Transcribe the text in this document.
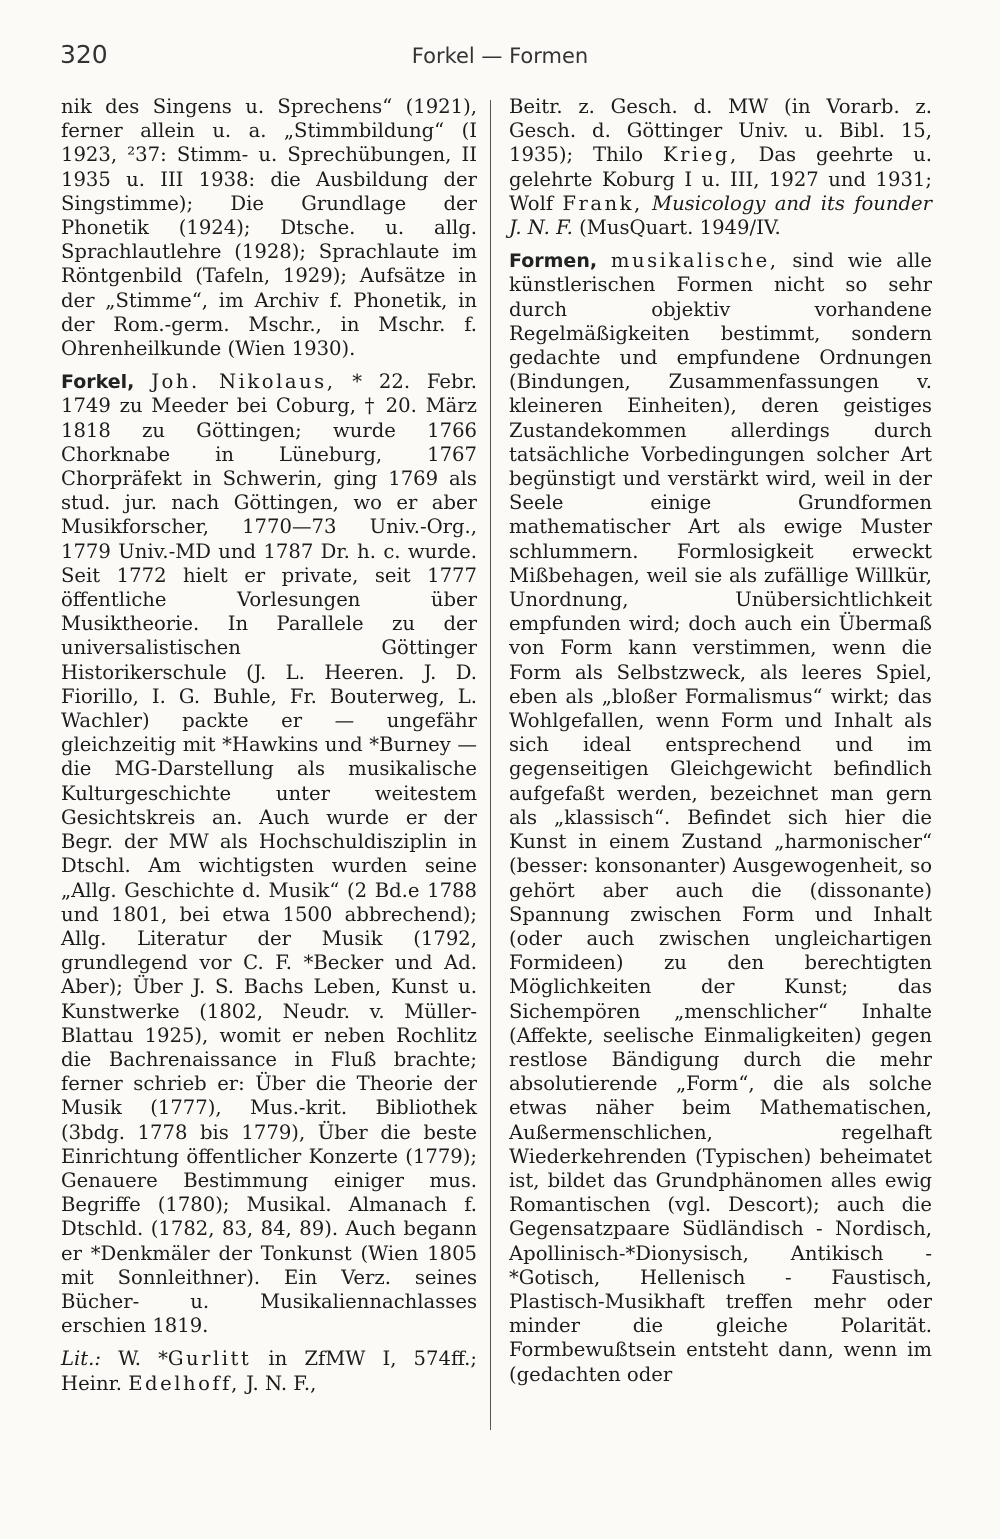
320	Forkel — Formen

nik des Singens u. Sprechens“ (1921), ferner allein u. a. „Stimmbildung“ (I 1923, ²37: Stimm- u. Sprechübungen, II 1935 u. III 1938: die Ausbildung der Singstimme); Die Grundlage der Phonetik (1924); Dtsche. u. allg. Sprachlautlehre (1928); Sprachlaute im Röntgenbild (Tafeln, 1929); Aufsätze in der „Stimme“, im Archiv f. Phonetik, in der Rom.-germ. Mschr., in Mschr. f. Ohrenheilkunde (Wien 1930).

Forkel, Joh. Nikolaus, * 22. Febr. 1749 zu Meeder bei Coburg, † 20. März 1818 zu Göttingen; wurde 1766 Chorknabe in Lüneburg, 1767 Chorpräfekt in Schwerin, ging 1769 als stud. jur. nach Göttingen, wo er aber Musikforscher, 1770—73 Univ.-Org., 1779 Univ.-MD und 1787 Dr. h. c. wurde. Seit 1772 hielt er private, seit 1777 öffentliche Vorlesungen über Musiktheorie. In Parallele zu der universalistischen Göttinger Historikerschule (J. L. Heeren. J. D. Fiorillo, I. G. Buhle, Fr. Bouterweg, L. Wachler) packte er — ungefähr gleichzeitig mit *Hawkins und *Burney — die MG-Darstellung als musikalische Kulturgeschichte unter weitestem Gesichtskreis an. Auch wurde er der Begr. der MW als Hochschuldisziplin in Dtschl. Am wichtigsten wurden seine „Allg. Geschichte d. Musik“ (2 Bd.e 1788 und 1801, bei etwa 1500 abbrechend); Allg. Literatur der Musik (1792, grundlegend vor C. F. *Becker und Ad. Aber); Über J. S. Bachs Leben, Kunst u. Kunstwerke (1802, Neudr. v. Müller-Blattau 1925), womit er neben Rochlitz die Bachrenaissance in Fluß brachte; ferner schrieb er: Über die Theorie der Musik (1777), Mus.-krit. Bibliothek (3bdg. 1778 bis 1779), Über die beste Einrichtung öffentlicher Konzerte (1779); Genauere Bestimmung einiger mus. Begriffe (1780); Musikal. Almanach f. Dtschld. (1782, 83, 84, 89). Auch begann er *Denkmäler der Tonkunst (Wien 1805 mit Sonnleithner). Ein Verz. seines Bücher- u. Musikaliennachlasses erschien 1819.

Lit.: W. *Gurlitt in ZfMW I, 574ff.; Heinr. Edelhoff, J. N. F.,

Beitr. z. Gesch. d. MW (in Vorarb. z. Gesch. d. Göttinger Univ. u. Bibl. 15, 1935); Thilo Krieg, Das geehrte u. gelehrte Koburg I u. III, 1927 und 1931; Wolf Frank, Musicology and its founder J. N. F. (MusQuart. 1949/IV.

Formen, musikalische, sind wie alle künstlerischen Formen nicht so sehr durch objektiv vorhandene Regelmäßigkeiten bestimmt, sondern gedachte und empfundene Ordnungen (Bindungen, Zusammenfassungen v. kleineren Einheiten), deren geistiges Zustandekommen allerdings durch tatsächliche Vorbedingungen solcher Art begünstigt und verstärkt wird, weil in der Seele einige Grundformen mathematischer Art als ewige Muster schlummern. Formlosigkeit erweckt Mißbehagen, weil sie als zufällige Willkür, Unordnung, Unübersichtlichkeit empfunden wird; doch auch ein Übermaß von Form kann verstimmen, wenn die Form als Selbstzweck, als leeres Spiel, eben als „bloßer Formalismus“ wirkt; das Wohlgefallen, wenn Form und Inhalt als sich ideal entsprechend und im gegenseitigen Gleichgewicht befindlich aufgefaßt werden, bezeichnet man gern als „klassisch“. Befindet sich hier die Kunst in einem Zustand „harmonischer“ (besser: konsonanter) Ausgewogenheit, so gehört aber auch die (dissonante) Spannung zwischen Form und Inhalt (oder auch zwischen ungleichartigen Formideen) zu den berechtigten Möglichkeiten der Kunst; das Sichempören „menschlicher“ Inhalte (Affekte, seelische Einmaligkeiten) gegen restlose Bändigung durch die mehr absolutierende „Form“, die als solche etwas näher beim Mathematischen, Außermenschlichen, regelhaft Wiederkehrenden (Typischen) beheimatet ist, bildet das Grundphänomen alles ewig Romantischen (vgl. Descort); auch die Gegensatzpaare Südländisch - Nordisch, Apollinisch-*Dionysisch, Antikisch - *Gotisch, Hellenisch - Faustisch, Plastisch-Musikhaft treffen mehr oder minder die gleiche Polarität. Formbewußtsein entsteht dann, wenn im (gedachten oder
